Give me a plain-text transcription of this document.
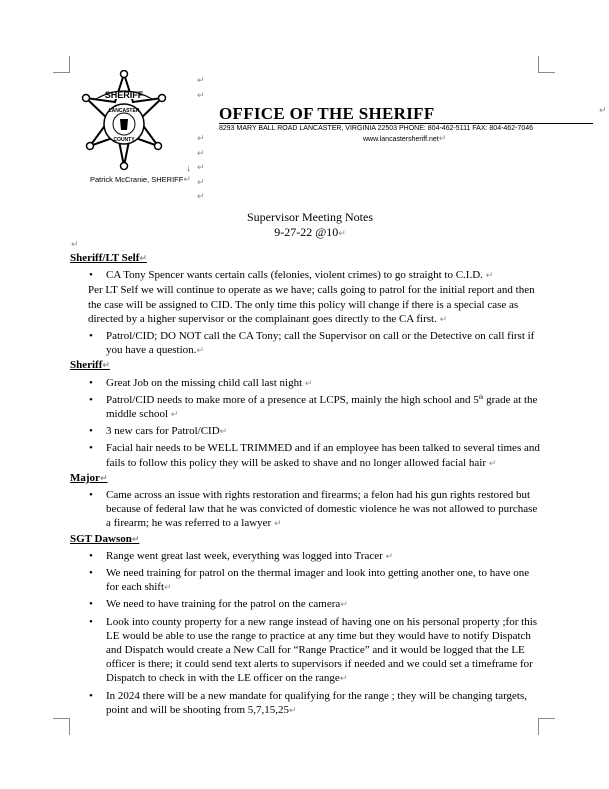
SHERIFF
LANCASTER
COUNTY
Patrick McCranie, SHERIFF↵
↵
↵

↵
↵
↵
↵
↵
↓
OFFICE OF THE SHERIFF	↵
8293 MARY BALL ROAD LANCASTER, VIRGINIA 22503 PHONE: 804-462-5111 FAX: 804-462-7046
www.lancastersheriff.net↵
Supervisor Meeting Notes
9-27-22 @10↵
↵
Sheriff/LT Self↵
• CA Tony Spencer wants certain calls (felonies, violent crimes) to go straight to C.I.D. ↵
Per LT Self we will continue to operate as we have; calls going to patrol for the initial report and then the case will be assigned to CID. The only time this policy will change if there is a special case as directed by a higher supervisor or the complainant goes directly to the CA first. ↵
• Patrol/CID; DO NOT call the CA Tony; call the Supervisor on call or the Detective on call first if you have a question.↵
Sheriff↵
• Great Job on the missing child call last night ↵
• Patrol/CID needs to make more of a presence at LCPS, mainly the high school and 5th grade at the middle school ↵
• 3 new cars for Patrol/CID↵
• Facial hair needs to be WELL TRIMMED and if an employee has been talked to several times and fails to follow this policy they will be asked to shave and no longer allowed facial hair ↵
Major↵
• Came across an issue with rights restoration and firearms; a felon had his gun rights restored but because of federal law that he was convicted of domestic violence he was not allowed to purchase a firearm; he was referred to a lawyer ↵
SGT Dawson↵
• Range went great last week, everything was logged into Tracer ↵
• We need training for patrol on the thermal imager and look into getting another one, to have one for each shift↵
• We need to have training for the patrol on the camera↵
• Look into county property for a new range instead of having one on his personal property ;for this LE would be able to use the range to practice at any time but they would have to notify Dispatch and Dispatch would create a New Call for “Range Practice” and it would be logged that the LE officer is there; it could send text alerts to supervisors if needed and we could set a timeframe for Dispatch to check in with the LE officer on the range↵
• In 2024 there will be a new mandate for qualifying for the range ; they will be changing targets, point and will be shooting from 5,7,15,25↵
